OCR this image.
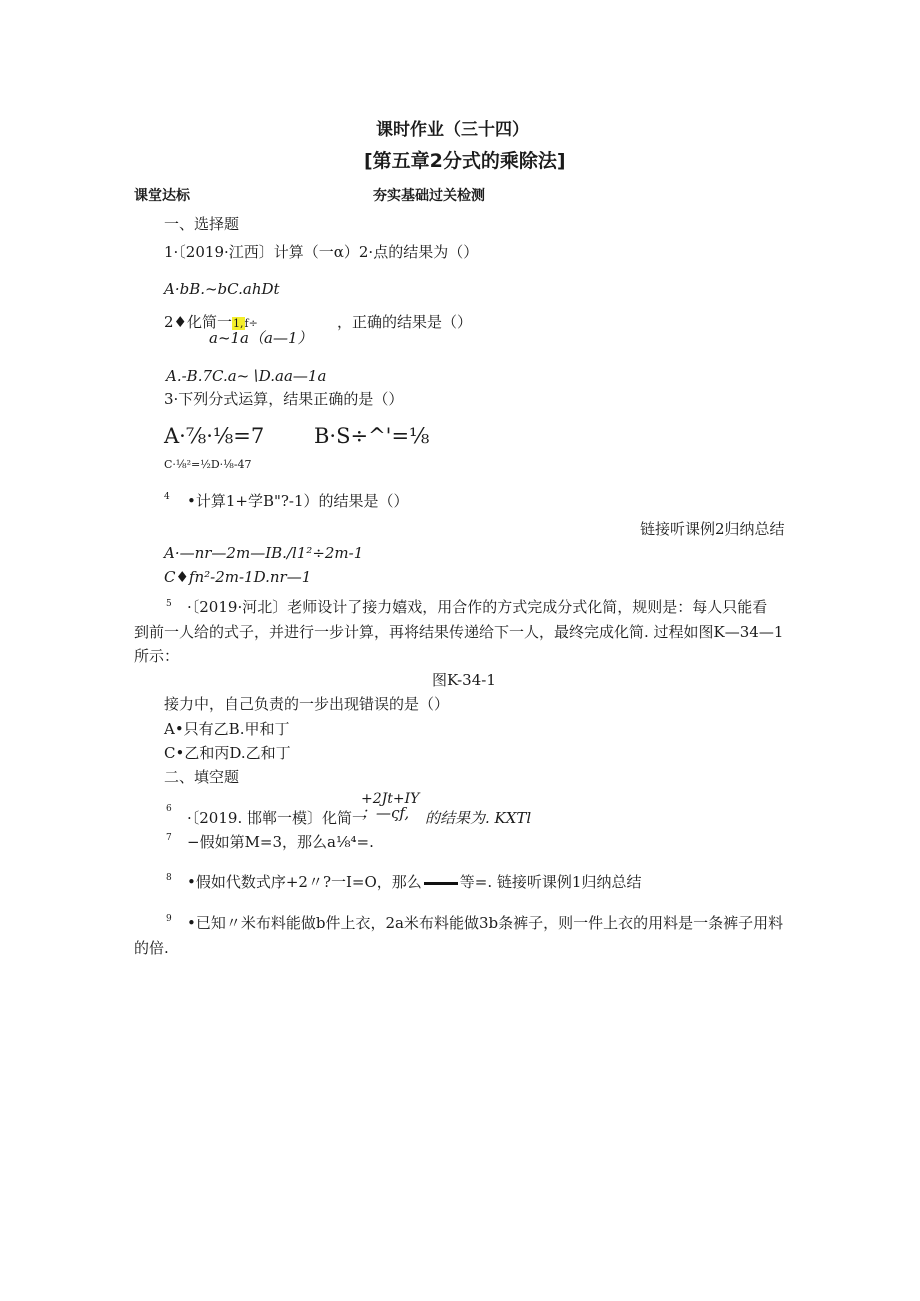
课时作业（三十四）
[第五章2分式的乘除法]
课堂达标	夯实基础过关检测
一、选择题
1·〔2019·江西〕计算（一α）2·点的结果为（）
A·bB.~bC.ahDt
2♦化简一1,f÷	，正确的结果是（）
a~1a（a—1）
A.-B.7C.a~∖D.aa—1a
3·下列分式运算，结果正确的是（）
A·⅞·⅛=7 B·S÷^'=⅛
C·⅛²=½D·⅛-47
4 •计算1+学B"?-1）的结果是（）
链接听课例2归纳总结
A·—nr—2m—IB./l1²÷2m-1
C♦fn²-2m-1D.nr—1
5 ·〔2019·河北〕老师设计了接力嬉戏，用合作的方式完成分式化简，规则是：每人只能看
到前一人给的式子，并进行一步计算，再将结果传递给下一人，最终完成化简. 过程如图K—34—1
所示：
图K-34-1
接力中，自己负责的一步出现错误的是（）
A•只有乙B.甲和丁
C•乙和丙D.乙和丁
二、填空题
6 ·〔2019. 邯郸一模〕化简一
+2Jt+IY
；—ςf, 的结果为. KXTl
7 −假如第M=3，那么a⅛⁴=.
8 •假如代数式序+2〃?一I=O，那么	等=. 链接听课例1归纳总结
9 •已知〃米布料能做b件上衣，2a米布料能做3b条裤子，则一件上衣的用料是一条裤子用料
的倍.
